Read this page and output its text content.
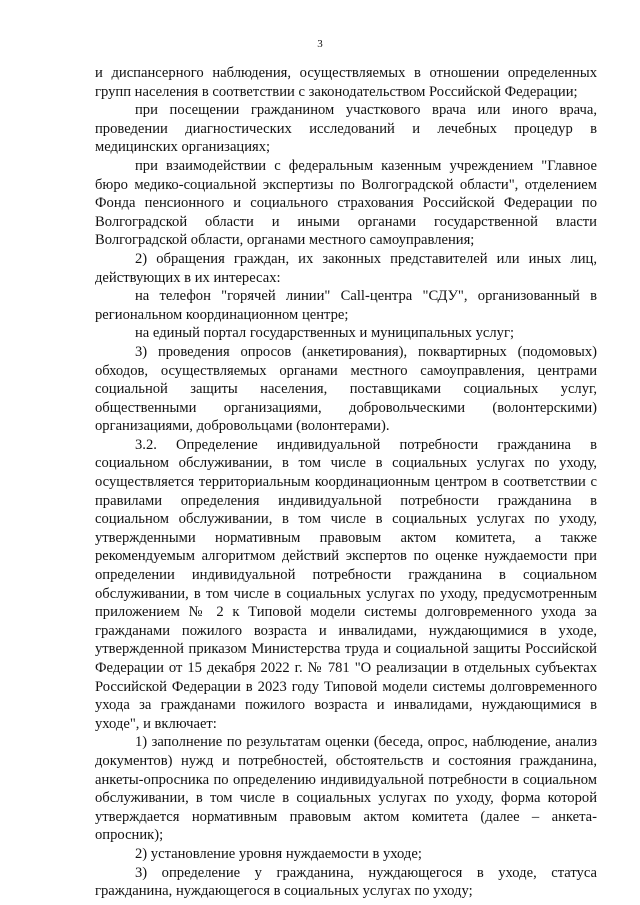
3

и диспансерного наблюдения, осуществляемых в отношении определенных групп населения в соответствии с законодательством Российской Федерации;

при посещении гражданином участкового врача или иного врача, проведении диагностических исследований и лечебных процедур в медицинских организациях;

при взаимодействии с федеральным казенным учреждением "Главное бюро медико-социальной экспертизы по Волгоградской области", отделением Фонда пенсионного и социального страхования Российской Федерации по Волгоградской области и иными органами государственной власти Волгоградской области, органами местного самоуправления;

2) обращения граждан, их законных представителей или иных лиц, действующих в их интересах:

на телефон "горячей линии" Call-центра "СДУ", организованный в региональном координационном центре;

на единый портал государственных и муниципальных услуг;

3) проведения опросов (анкетирования), поквартирных (подомовых) обходов, осуществляемых органами местного самоуправления, центрами социальной защиты населения, поставщиками социальных услуг, общественными организациями, добровольческими (волонтерскими) организациями, добровольцами (волонтерами).

3.2. Определение индивидуальной потребности гражданина в социальном обслуживании, в том числе в социальных услугах по уходу, осуществляется территориальным координационным центром в соответствии с правилами определения индивидуальной потребности гражданина в социальном обслуживании, в том числе в социальных услугах по уходу, утвержденными нормативным правовым актом комитета, а также рекомендуемым алгоритмом действий экспертов по оценке нуждаемости при определении индивидуальной потребности гражданина в социальном обслуживании, в том числе в социальных услугах по уходу, предусмотренным приложением № 2 к Типовой модели системы долговременного ухода за гражданами пожилого возраста и инвалидами, нуждающимися в уходе, утвержденной приказом Министерства труда и социальной защиты Российской Федерации от 15 декабря 2022 г. № 781 "О реализации в отдельных субъектах Российской Федерации в 2023 году Типовой модели системы долговременного ухода за гражданами пожилого возраста и инвалидами, нуждающимися в уходе", и включает:

1) заполнение по результатам оценки (беседа, опрос, наблюдение, анализ документов) нужд и потребностей, обстоятельств и состояния гражданина, анкеты-опросника по определению индивидуальной потребности в социальном обслуживании, в том числе в социальных услугах по уходу, форма которой утверждается нормативным правовым актом комитета (далее – анкета-опросник);

2) установление уровня нуждаемости в уходе;

3) определение у гражданина, нуждающегося в уходе, статуса гражданина, нуждающегося в социальных услугах по уходу;
